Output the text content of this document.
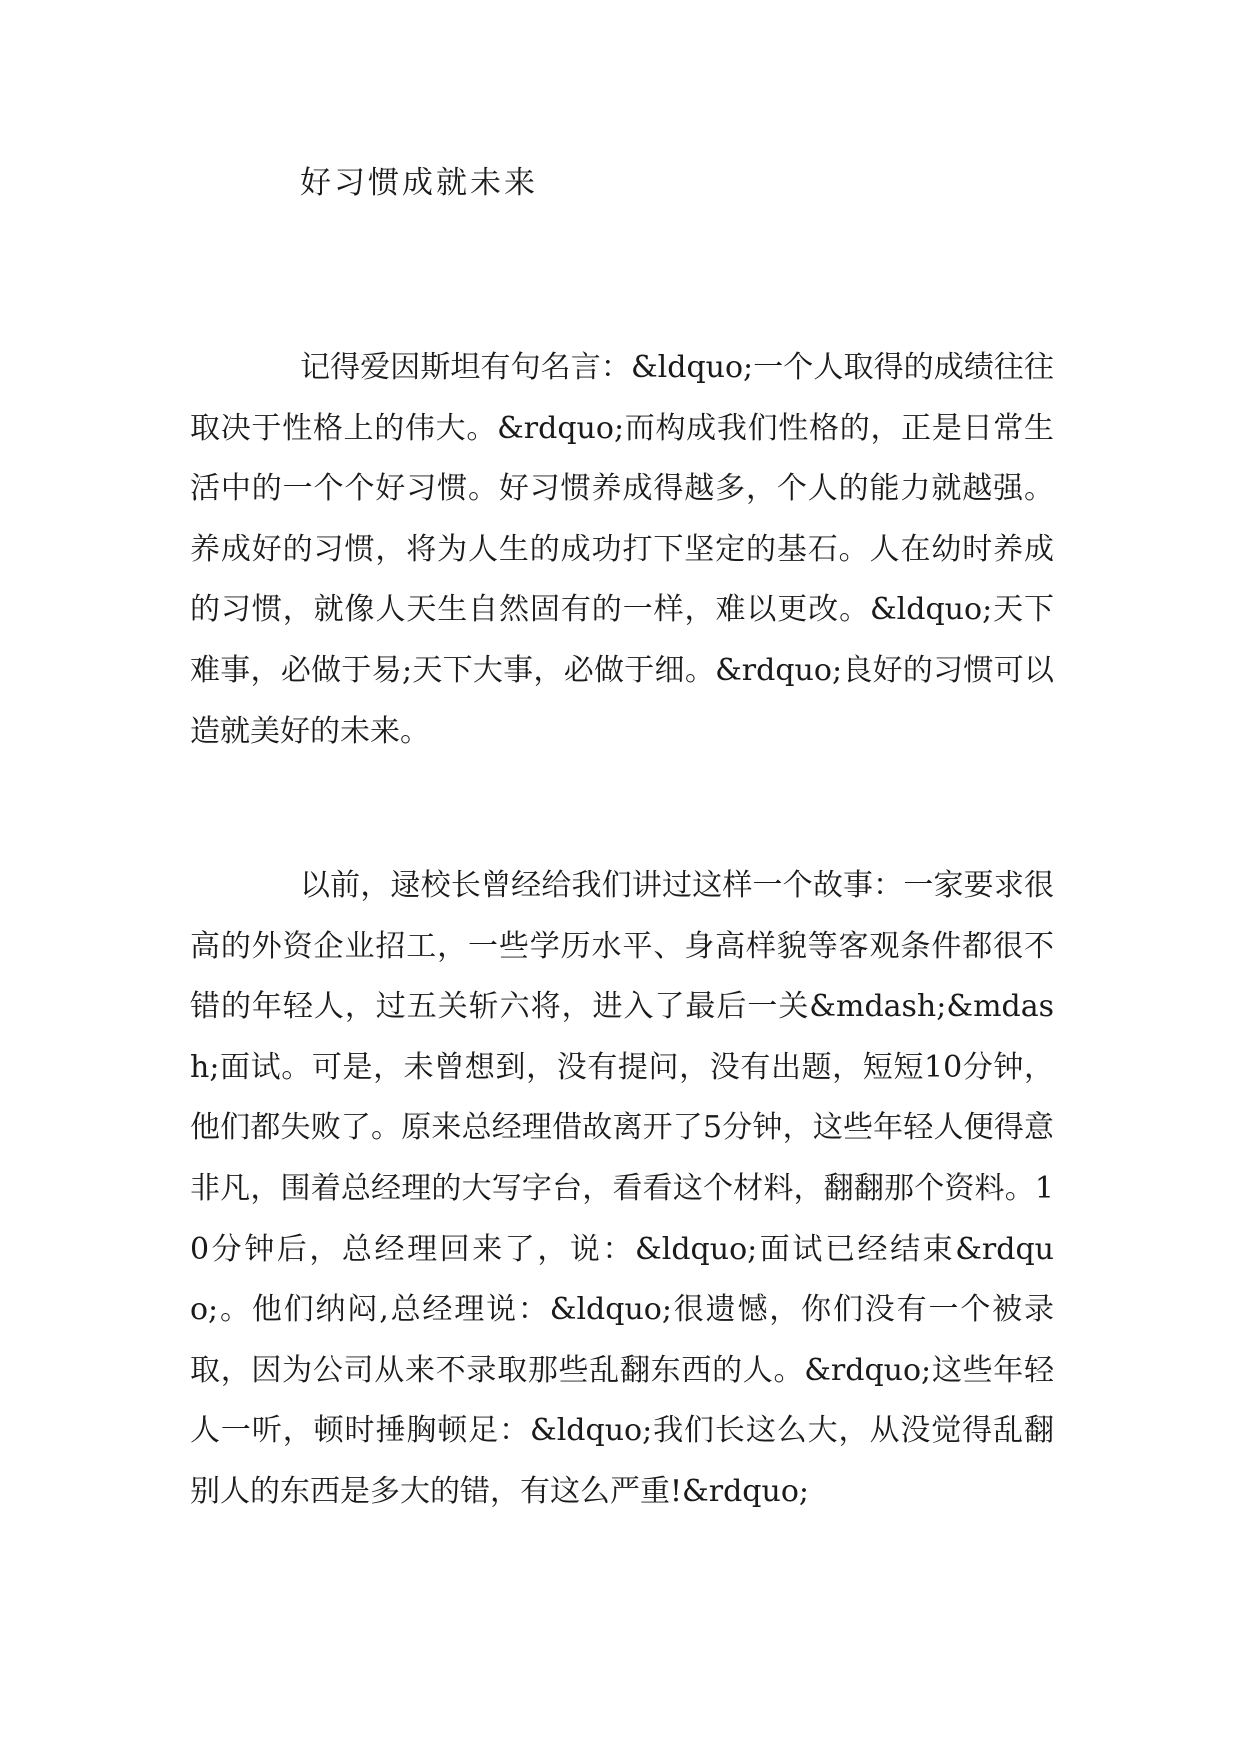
好习惯成就未来

记得爱因斯坦有句名言：&ldquo;一个人取得的成绩往往取决于性格上的伟大。&rdquo;而构成我们性格的，正是日常生活中的一个个好习惯。好习惯养成得越多，个人的能力就越强。养成好的习惯，将为人生的成功打下坚定的基石。人在幼时养成的习惯，就像人天生自然固有的一样，难以更改。&ldquo;天下难事，必做于易;天下大事，必做于细。&rdquo;良好的习惯可以造就美好的未来。

以前，逯校长曾经给我们讲过这样一个故事：一家要求很高的外资企业招工，一些学历水平、身高样貌等客观条件都很不错的年轻人，过五关斩六将，进入了最后一关&mdash;&mdash;面试。可是，未曾想到，没有提问，没有出题，短短10分钟，他们都失败了。原来总经理借故离开了5分钟，这些年轻人便得意非凡，围着总经理的大写字台，看看这个材料，翻翻那个资料。10分钟后，总经理回来了，说：&ldquo;面试已经结束&rdquo;。他们纳闷,总经理说：&ldquo;很遗憾，你们没有一个被录取，因为公司从来不录取那些乱翻东西的人。&rdquo;这些年轻人一听，顿时捶胸顿足：&ldquo;我们长这么大，从没觉得乱翻别人的东西是多大的错，有这么严重!&rdquo;
